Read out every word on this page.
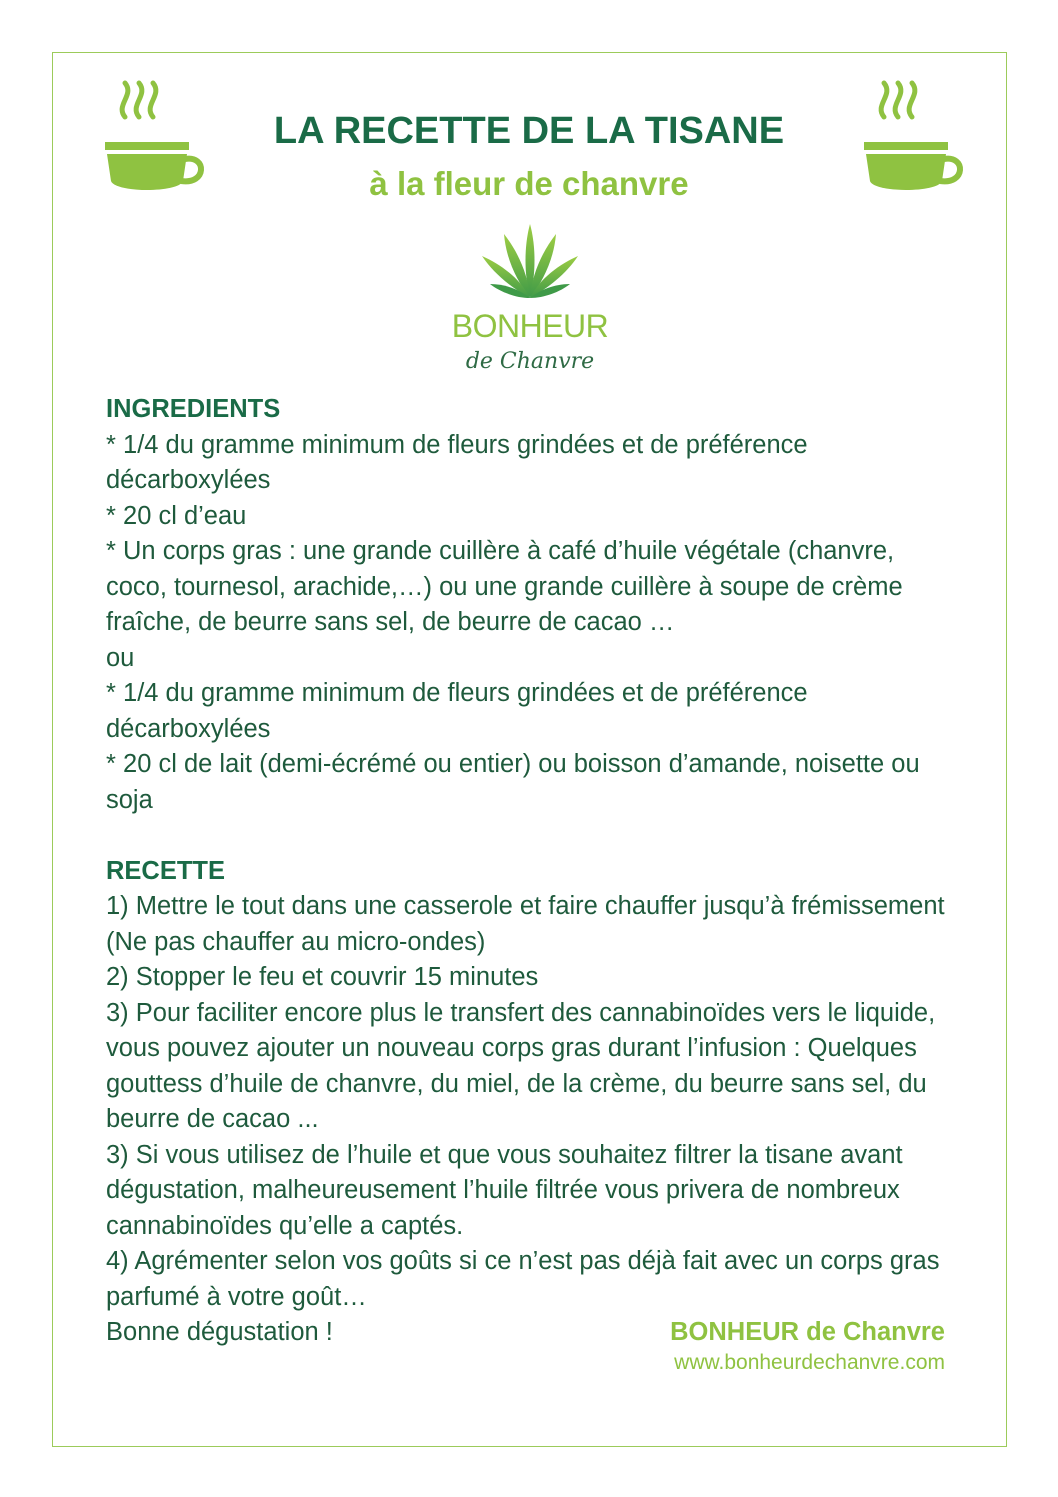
LA RECETTE DE LA TISANE
à la fleur de chanvre
BONHEUR
de Chanvre

INGREDIENTS

* 1/4 du gramme minimum de fleurs grindées et de préférence décarboxylées

* 20 cl d’eau

* Un corps gras : une grande cuillère à café d’huile végétale (chanvre, coco, tournesol, arachide,…) ou une grande cuillère à soupe de crème fraîche, de beurre sans sel, de beurre de cacao …

ou

* 1/4 du gramme minimum de fleurs grindées et de préférence décarboxylées

* 20 cl de lait (demi-écrémé ou entier) ou boisson d’amande, noisette ou soja

RECETTE

1) Mettre le tout dans une casserole et faire chauffer jusqu’à frémissement (Ne pas chauffer au micro-ondes)

2) Stopper le feu et couvrir 15 minutes

3) Pour faciliter encore plus le transfert des cannabinoïdes vers le liquide, vous pouvez ajouter un nouveau corps gras durant l’infusion : Quelques gouttess d’huile de chanvre, du miel, de la crème, du beurre sans sel, du beurre de cacao ...

3) Si vous utilisez de l’huile et que vous souhaitez filtrer la tisane avant dégustation, malheureusement l’huile filtrée vous privera de nombreux cannabinoïdes qu’elle a captés.

4) Agrémenter selon vos goûts si ce n’est pas déjà fait avec un corps gras parfumé à votre goût…

Bonne dégustation !	BONHEUR de Chanvre
www.bonheurdechanvre.com
